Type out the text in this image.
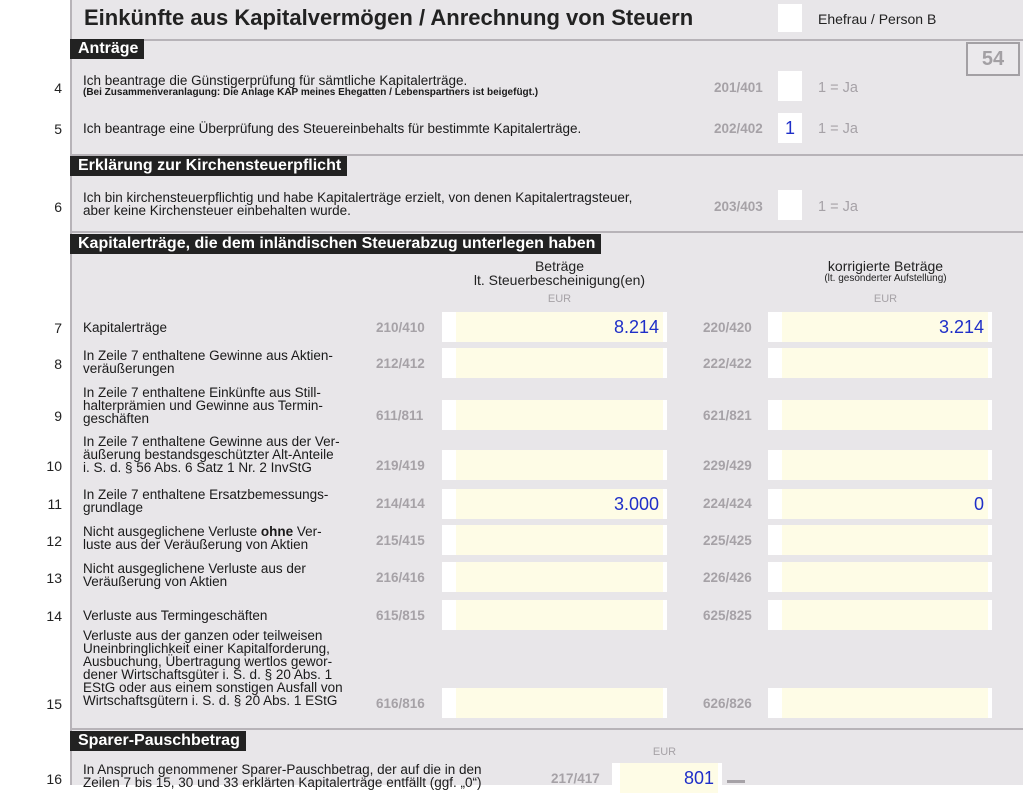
Einkünfte aus Kapitalvermögen / Anrechnung von Steuern	Ehefrau / Person B
54
Anträge
4 Ich beantrage die Günstigerprüfung für sämtliche Kapitalerträge.
(Bei Zusammenveranlagung: Die Anlage KAP meines Ehegatten / Lebenspartners ist beigefügt.)	201/401	1 = Ja
5 Ich beantrage eine Überprüfung des Steuereinbehalts für bestimmte Kapitalerträge.	202/402	1	1 = Ja
Erklärung zur Kirchensteuerpflicht
6
Ich bin kirchensteuerpflichtig und habe Kapitalerträge erzielt, von denen Kapitalertragsteuer,
aber keine Kirchensteuer einbehalten wurde.	203/403	1 = Ja
Kapitalerträge, die dem inländischen Steuerabzug unterlegen haben
Beträge
lt. Steuerbescheinigung(en)
EUR
korrigierte Beträge
(lt. gesonderter Aufstellung)
EUR
7 Kapitalerträge	210/410	8.214	220/420	3.214
8
In Zeile 7 enthaltene Gewinne aus Aktien-
veräußerungen	212/412	222/422
9
In Zeile 7 enthaltene Einkünfte aus Still-
halterprämien und Gewinne aus Termin-
geschäften	611/811	621/821
10
In Zeile 7 enthaltene Gewinne aus der Ver-
äußerung bestandsgeschützter Alt-Anteile
i. S. d. § 56 Abs. 6 Satz 1 Nr. 2 InvStG	219/419	229/429
11
In Zeile 7 enthaltene Ersatzbemessungs-
grundlage	214/414	3.000	224/424	0
12
Nicht ausgeglichene Verluste ohne Ver-
luste aus der Veräußerung von Aktien	215/415	225/425
13
Nicht ausgeglichene Verluste aus der
Veräußerung von Aktien	216/416	226/426
14 Verluste aus Termingeschäften	615/815	625/825
15
Verluste aus der ganzen oder teilweisen
Uneinbringlichkeit einer Kapitalforderung,
Ausbuchung, Übertragung wertlos gewor-
dener Wirtschaftsgüter i. S. d. § 20 Abs. 1
EStG oder aus einem sonstigen Ausfall von
Wirtschaftsgütern i. S. d. § 20 Abs. 1 EStG	616/816	626/826
Sparer-Pauschbetrag
16
In Anspruch genommener Sparer-Pauschbetrag, der auf die in den
Zeilen 7 bis 15, 30 und 33 erklärten Kapitalerträge entfällt (ggf. „0“)
EUR
217/417	801
